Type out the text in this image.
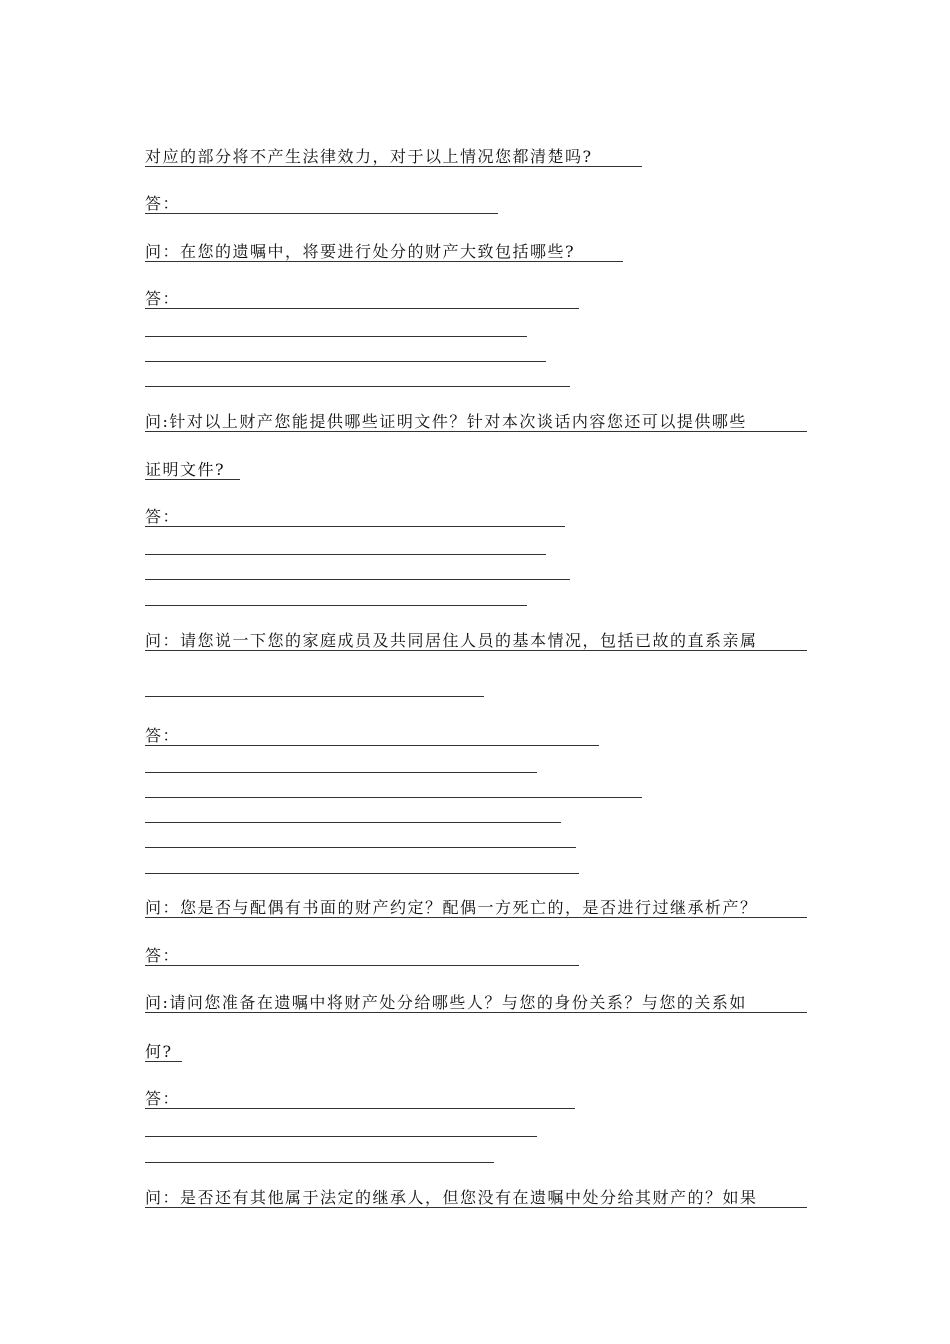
对应的部分将不产生法律效力，对于以上情况您都清楚吗?
答：
问：在您的遗嘱中，将要进行处分的财产大致包括哪些?
答：
问:针对以上财产您能提供哪些证明文件？针对本次谈话内容您还可以提供哪些
证明文件?
答：
问：请您说一下您的家庭成员及共同居住人员的基本情况，包括已故的直系亲属
答：
问：您是否与配偶有书面的财产约定？配偶一方死亡的，是否进行过继承析产？
答：
问:请问您准备在遗嘱中将财产处分给哪些人？与您的身份关系？与您的关系如
何?
答：
问：是否还有其他属于法定的继承人，但您没有在遗嘱中处分给其财产的？如果
